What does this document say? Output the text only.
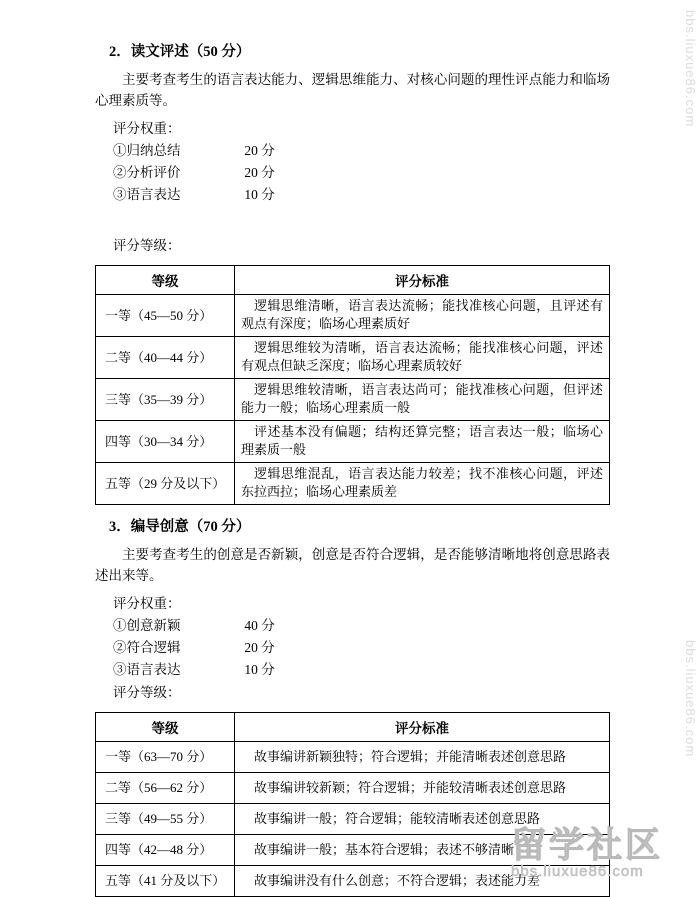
2．读文评述（50 分）

主要考查考生的语言表达能力、逻辑思维能力、对核心问题的理性评点能力和临场心理素质等。

评分权重：

①归纳总结	20 分
②分析评价	20 分
③语言表达	10 分

评分等级：

等级	评分标准
一等（45—50 分）	逻辑思维清晰，语言表达流畅；能找准核心问题，且评述有观点有深度；临场心理素质好
二等（40—44 分）	逻辑思维较为清晰，语言表达流畅；能找准核心问题，评述有观点但缺乏深度；临场心理素质较好
三等（35—39 分）	逻辑思维较清晰，语言表达尚可；能找准核心问题，但评述能力一般；临场心理素质一般
四等（30—34 分）	评述基本没有偏题；结构还算完整；语言表达一般；临场心理素质一般
五等（29 分及以下）	逻辑思维混乱，语言表达能力较差；找不准核心问题，评述东拉西拉；临场心理素质差
3．编导创意（70 分）

主要考查考生的创意是否新颖，创意是否符合逻辑，是否能够清晰地将创意思路表述出来等。

评分权重：

①创意新颖	40 分
②符合逻辑	20 分
③语言表达	10 分

评分等级：

等级	评分标准
一等（63—70 分）	故事编讲新颖独特；符合逻辑；并能清晰表述创意思路
二等（56—62 分）	故事编讲较新颖；符合逻辑；并能较清晰表述创意思路
三等（49—55 分）	故事编讲一般；符合逻辑；能较清晰表述创意思路
四等（42—48 分）	故事编讲一般；基本符合逻辑；表述不够清晰
五等（41 分及以下）	故事编讲没有什么创意；不符合逻辑；表述能力差
bbs.liuxue86.com
bbs.liuxue86.com
留学社区
bbs.liuxue86.com
